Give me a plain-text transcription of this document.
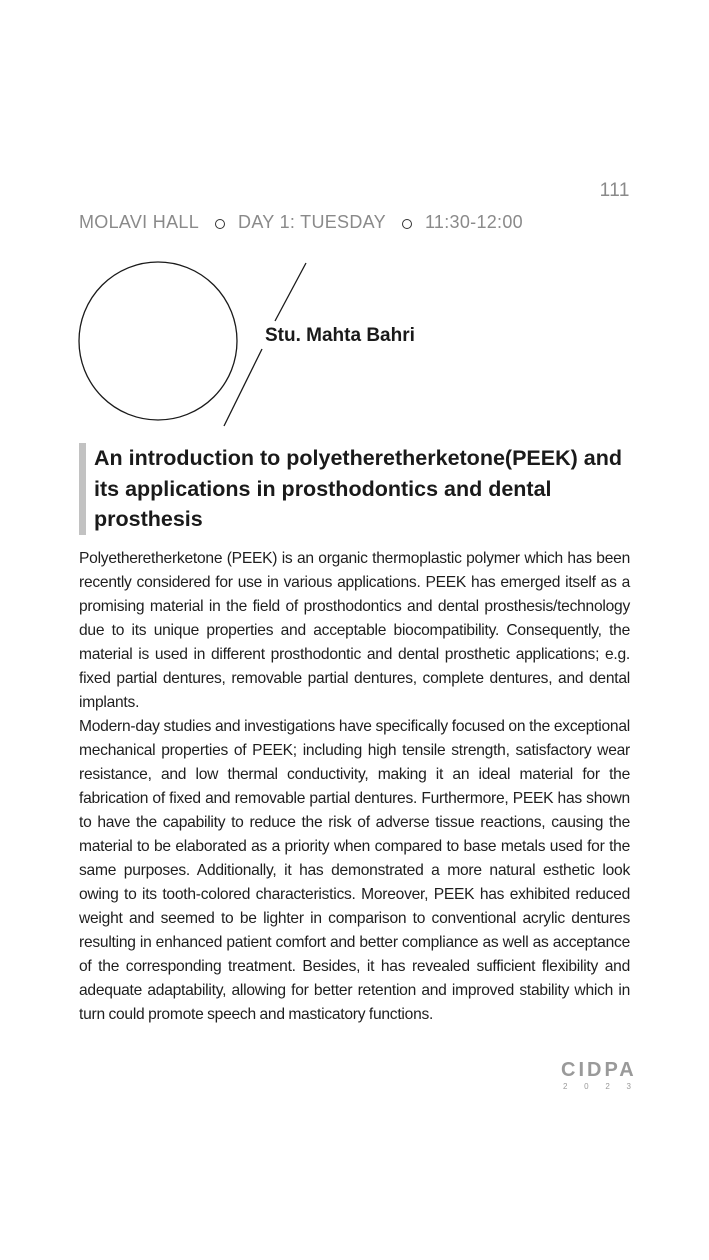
111
MOLAVI HALL DAY 1: TUESDAY 11:30-12:00
Stu. Mahta Bahri
An introduction to polyetheretherketone(PEEK) and its applications in prosthodontics and dental prosthesis

Polyetheretherketone (PEEK) is an organic thermoplastic polymer which has been recently considered for use in various applications. PEEK has emerged itself as a promising material in the field of prosthodontics and dental prosthesis/technology due to its unique properties and acceptable biocompatibility. Consequently, the material is used in different prosthodontic and dental prosthetic applications; e.g. fixed partial dentures, removable partial dentures, complete dentures, and dental implants.

Modern-day studies and investigations have specifically focused on the exceptional mechanical properties of PEEK; including high tensile strength, satisfactory wear resistance, and low thermal conductivity, making it an ideal material for the fabrication of fixed and removable partial dentures. Furthermore, PEEK has shown to have the capability to reduce the risk of adverse tissue reactions, causing the material to be elaborated as a priority when compared to base metals used for the same purposes. Additionally, it has demonstrated a more natural esthetic look owing to its tooth-colored characteristics. Moreover, PEEK has exhibited reduced weight and seemed to be lighter in comparison to conventional acrylic dentures resulting in enhanced patient comfort and better compliance as well as acceptance of the corresponding treatment. Besides, it has revealed sufficient flexibility and adequate adaptability, allowing for better retention and improved stability which in turn could promote speech and masticatory functions.

CIDPA
2 0 2 3
